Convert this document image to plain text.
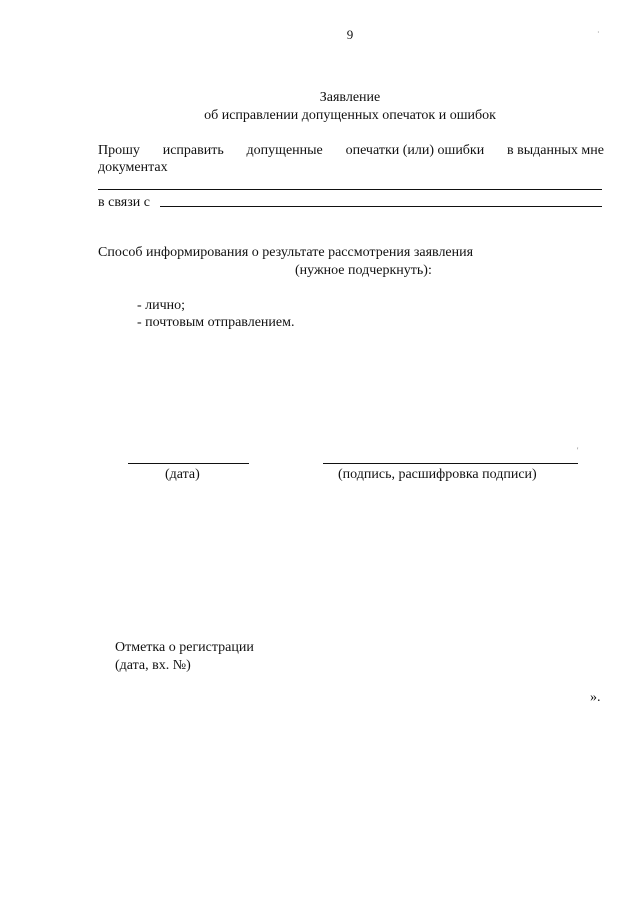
9	·
Заявление
об исправлении допущенных опечаток и ошибок
Прошу исправить допущенные опечатки (или) ошибки в выданных мне
документах
в связи с
Способ информирования о результате рассмотрения заявления
(нужное подчеркнуть):
- лично;
- почтовым отправлением.
'
(дата)	(подпись, расшифровка подписи)
Отметка о регистрации
(дата, вх. №)
».
